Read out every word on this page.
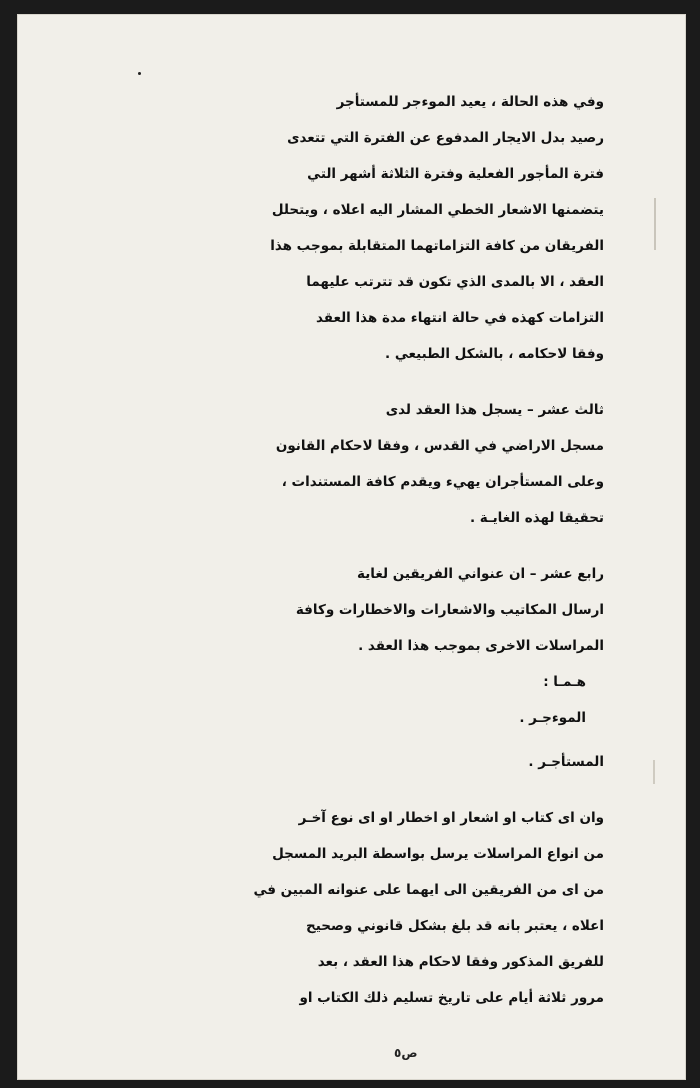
وفي هذه الحالة ، يعيد الموءجر للمستأجر

رصيد بدل الايجار المدفوع عن الفترة التي تتعدى

فترة المأجور الفعلية وفترة الثلاثة أشهر التي

يتضمنها الاشعار الخطي المشار اليه اعلاه ، ويتحلل

الفريقان من كافة التزاماتهما المتقابلة بموجب هذا

العقد ، الا بالمدى الذي تكون قد تترتب عليهما

التزامات كهذه في حالة انتهاء مدة هذا العقد

وفقا لاحكامه ، بالشكل الطبيعي .

ثالث عشر – يسجل هذا العقد لدى

مسجل الاراضي في القدس ، وفقا لاحكام القانون

وعلى المستأجران يهيء ويقدم كافة المستندات ،

تحقيقا لهذه الغايـة .

رابع عشر – ان عنواني الفريقين لغاية

ارسال المكاتيب والاشعارات والاخطارات وكافة

المراسلات الاخرى بموجب هذا العقد .

هـمـا :

الموءجـر .

المستأجـر .

وان اى كتاب او اشعار او اخطار او اى نوع آخـر

من انواع المراسلات يرسل بواسطة البريد المسجل

من اى من الفريقين الى ايهما على عنوانه المبين في

اعلاه ، يعتبر بانه قد بلغ بشكل قانوني وصحيح

للفريق المذكور وفقا لاحكام هذا العقد ، بعد

مرور ثلاثة أيام على تاريخ تسليم ذلك الكتاب او

ص٥
